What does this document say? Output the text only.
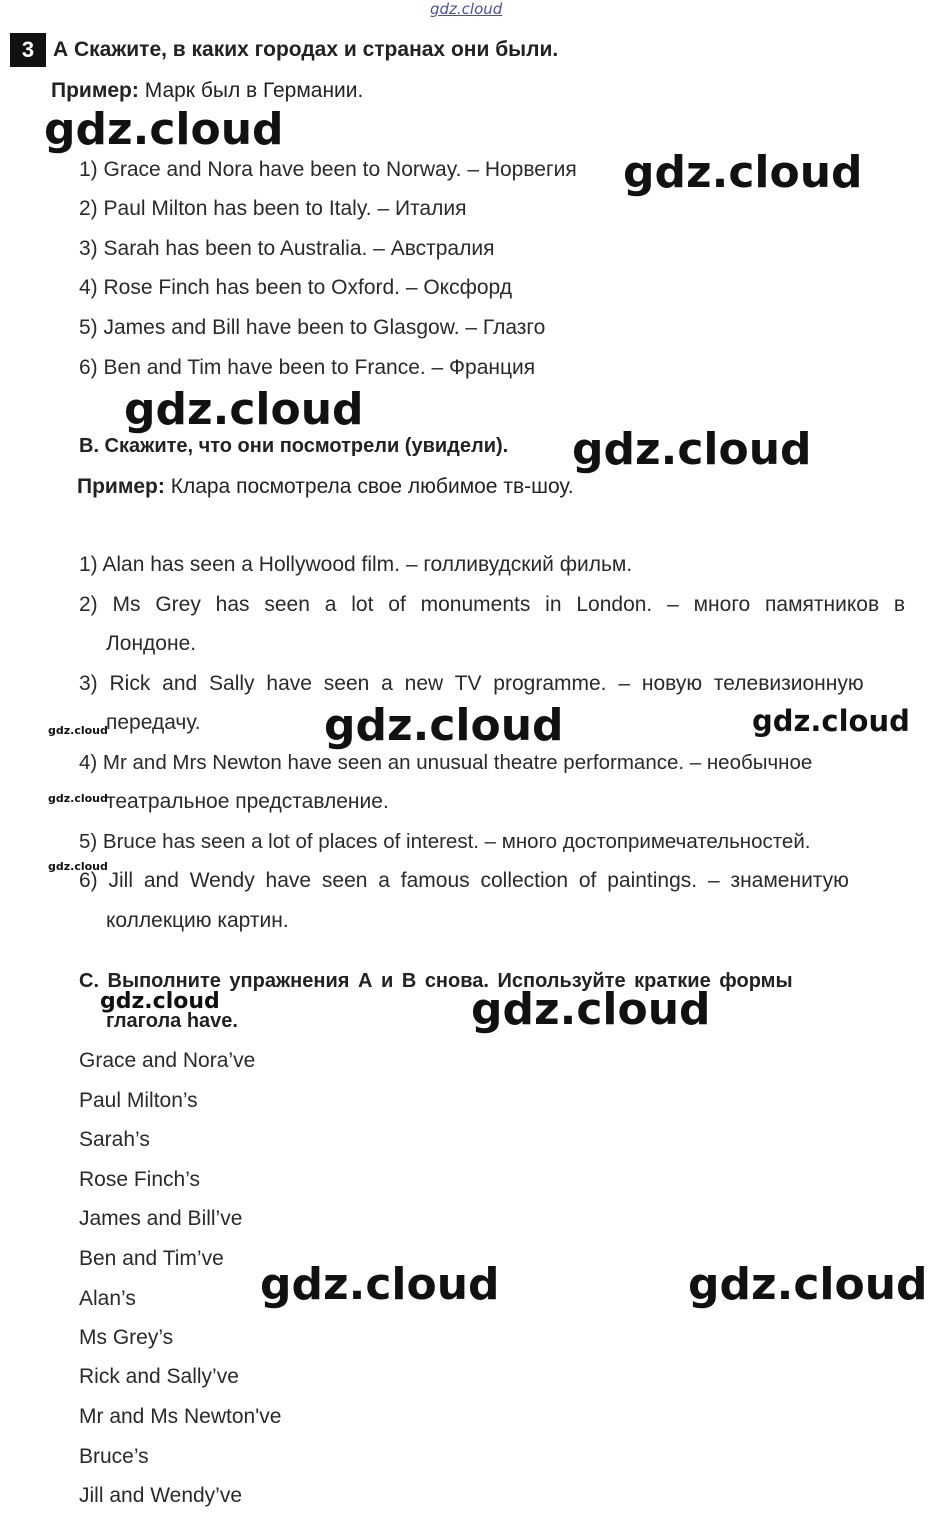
gdz.cloud
3 А Скажите, в каких городах и странах они были.
Пример: Марк был в Германии.
1) Grace and Nora have been to Norway. – Норвегия
2) Paul Milton has been to Italy. – Италия
3) Sarah has been to Australia. – Австралия
4) Rose Finch has been to Oxford. – Оксфорд
5) James and Bill have been to Glasgow. – Глазго
6) Ben and Tim have been to France. – Франция
В. Скажите, что они посмотрели (увидели).
Пример: Клара посмотрела свое любимое тв-шоу.
1) Alan has seen a Hollywood film. – голливудский фильм.
2) Ms Grey has seen a lot of monuments in London. – много памятников в
Лондоне.
3) Rick and Sally have seen a new TV programme. – новую телевизионную
передачу.
4) Mr and Mrs Newton have seen an unusual theatre performance. – необычное
театральное представление.
5) Bruce has seen a lot of places of interest. – много достопримечательностей.
6) Jill and Wendy have seen a famous collection of paintings. – знаменитую
коллекцию картин.
С. Выполните упражнения А и В снова. Используйте краткие формы
глагола have.
Grace and Nora’ve
Paul Milton’s
Sarah’s
Rose Finch’s
James and Bill’ve
Ben and Tim’ve
Alan’s
Ms Grey’s
Rick and Sally’ve
Mr and Ms Newton've
Bruce’s
Jill and Wendy’ve
gdz.cloud
gdz.cloud
gdz.cloud
gdz.cloud
gdz.cloud	gdz.cloud
gdz.cloud
gdz.cloud
gdz.cloud
gdz.cloud	gdz.cloud
gdz.cloud	gdz.cloud
